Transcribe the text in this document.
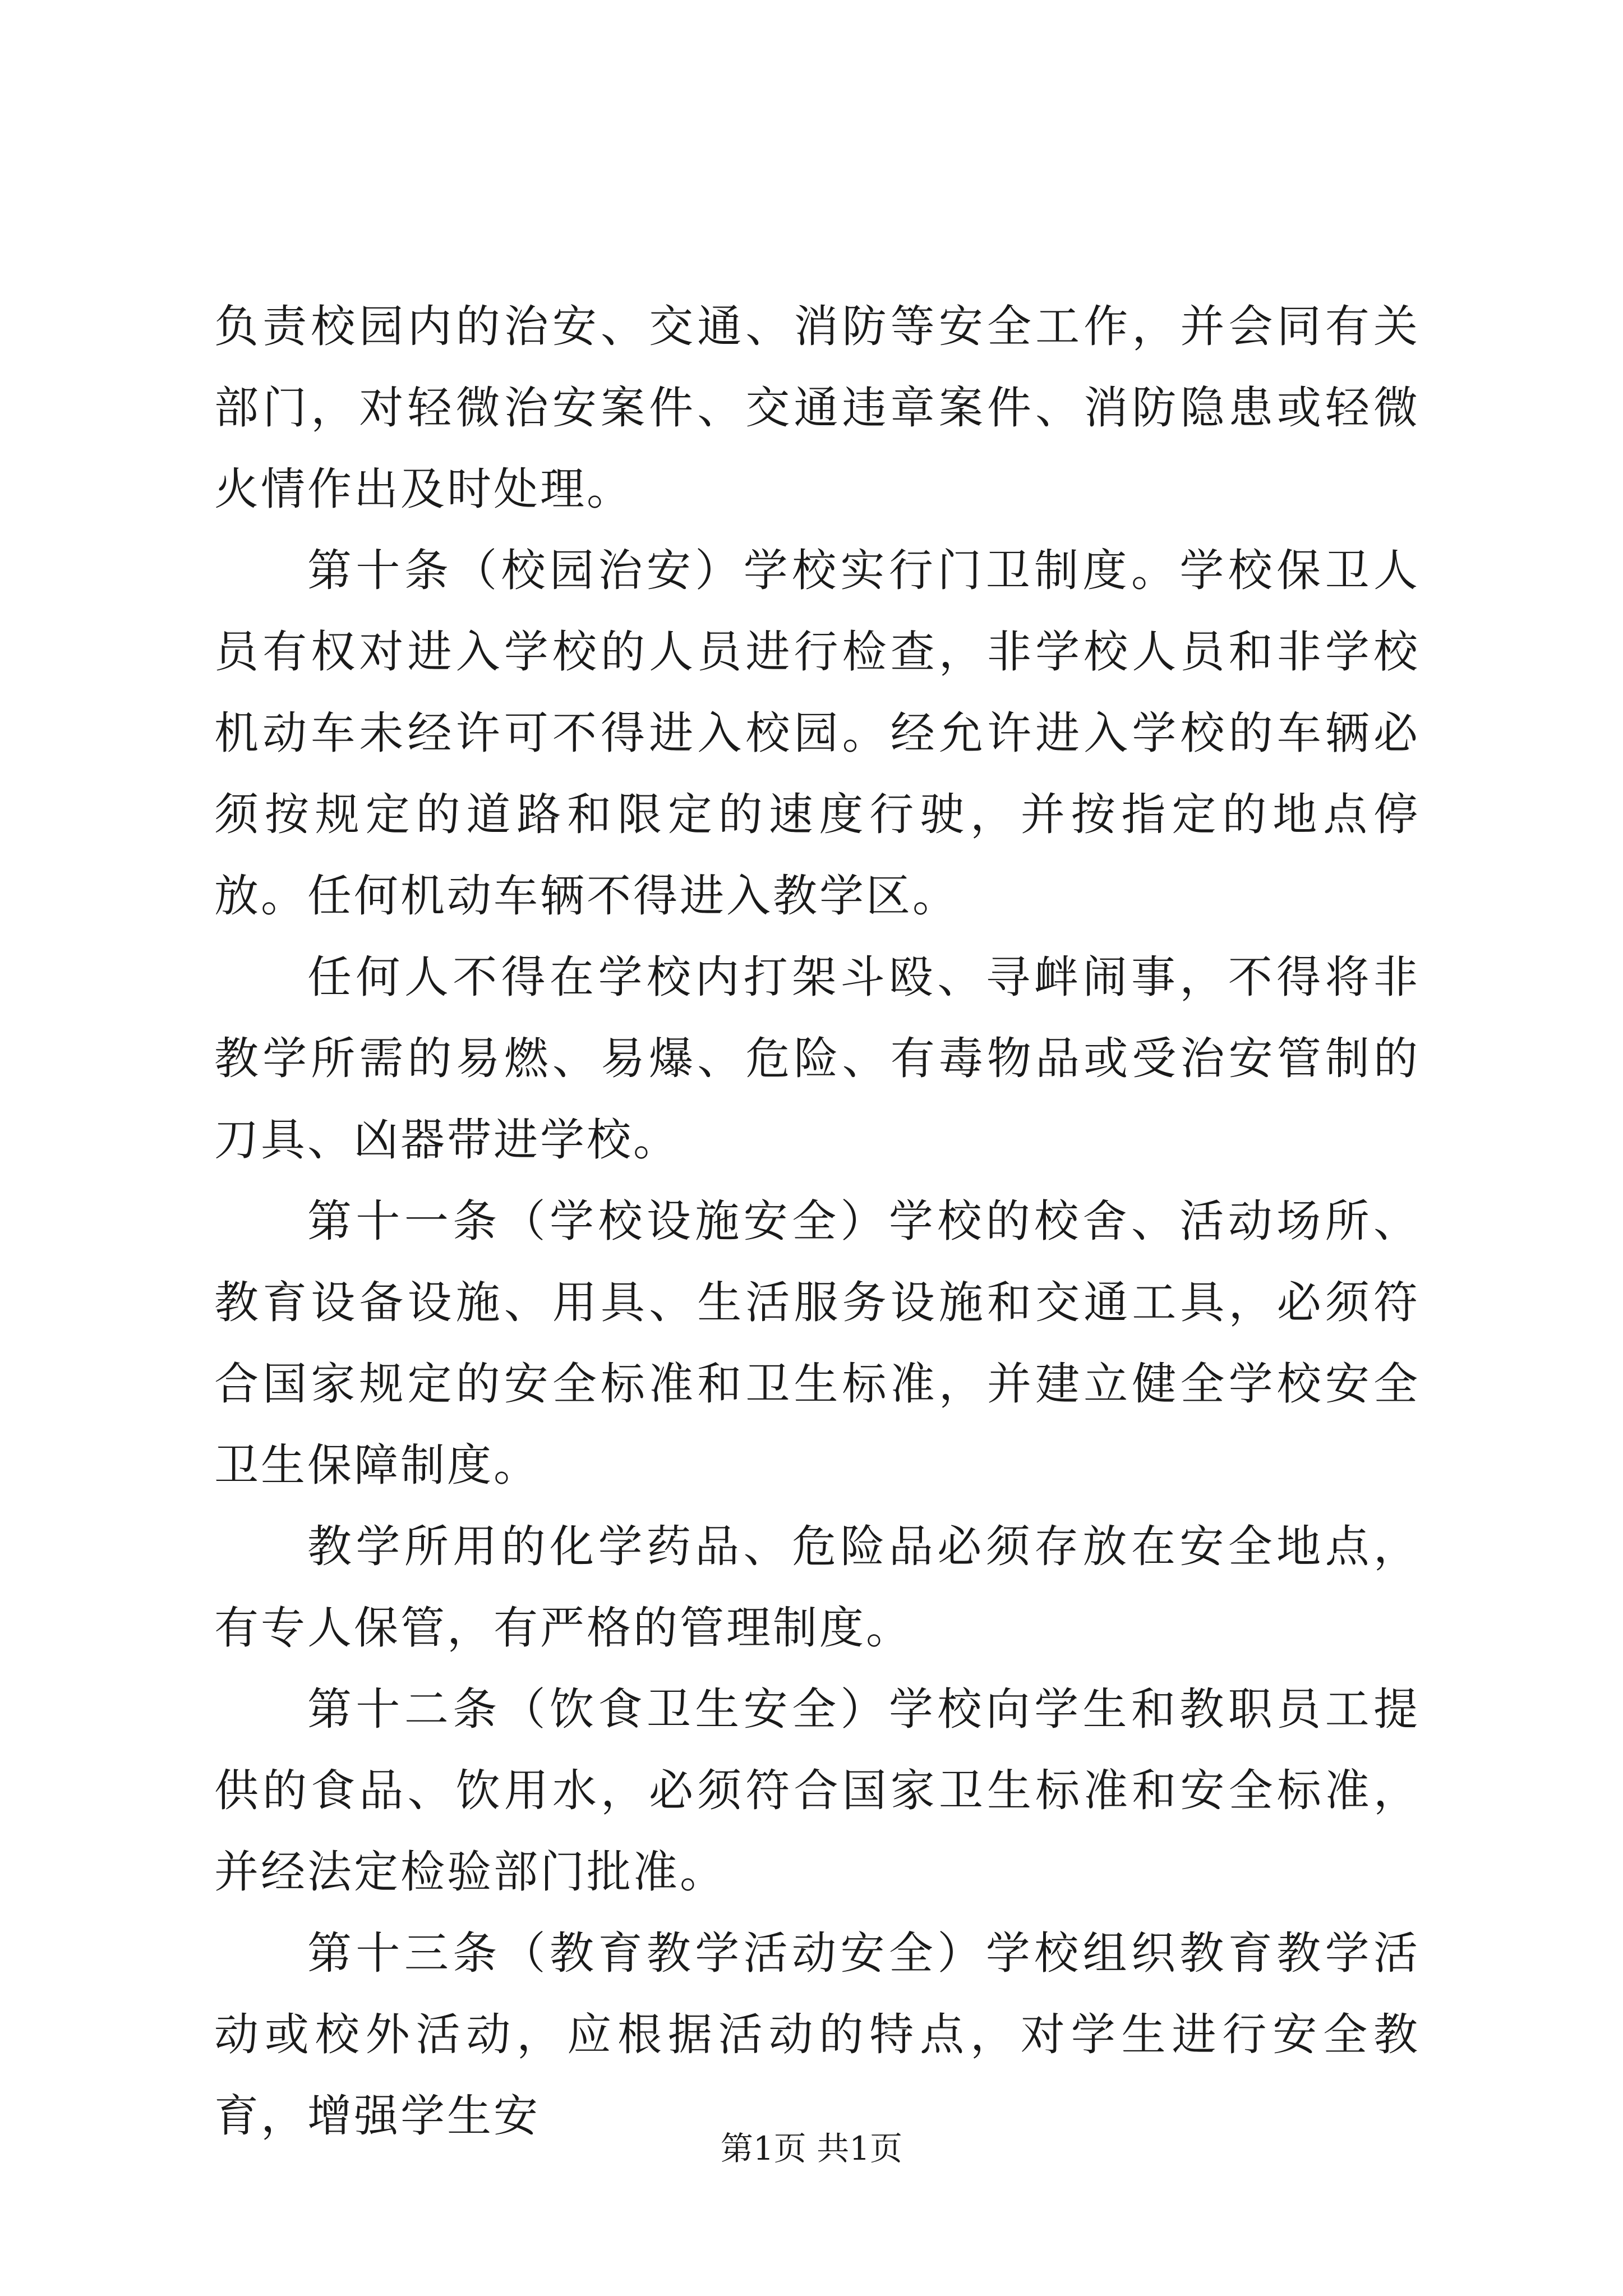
负责校园内的治安、交通、消防等安全工作，并会同有关部门，对轻微治安案件、交通违章案件、消防隐患或轻微火情作出及时处理。

第十条（校园治安）学校实行门卫制度。学校保卫人员有权对进入学校的人员进行检查，非学校人员和非学校机动车未经许可不得进入校园。经允许进入学校的车辆必须按规定的道路和限定的速度行驶，并按指定的地点停放。任何机动车辆不得进入教学区。

任何人不得在学校内打架斗殴、寻衅闹事，不得将非教学所需的易燃、易爆、危险、有毒物品或受治安管制的刀具、凶器带进学校。

第十一条（学校设施安全）学校的校舍、活动场所、教育设备设施、用具、生活服务设施和交通工具，必须符合国家规定的安全标准和卫生标准，并建立健全学校安全卫生保障制度。

教学所用的化学药品、危险品必须存放在安全地点，有专人保管，有严格的管理制度。

第十二条（饮食卫生安全）学校向学生和教职员工提供的食品、饮用水，必须符合国家卫生标准和安全标准，并经法定检验部门批准。

第十三条（教育教学活动安全）学校组织教育教学活动或校外活动，应根据活动的特点，对学生进行安全教育，增强学生安

第1页 共1页
